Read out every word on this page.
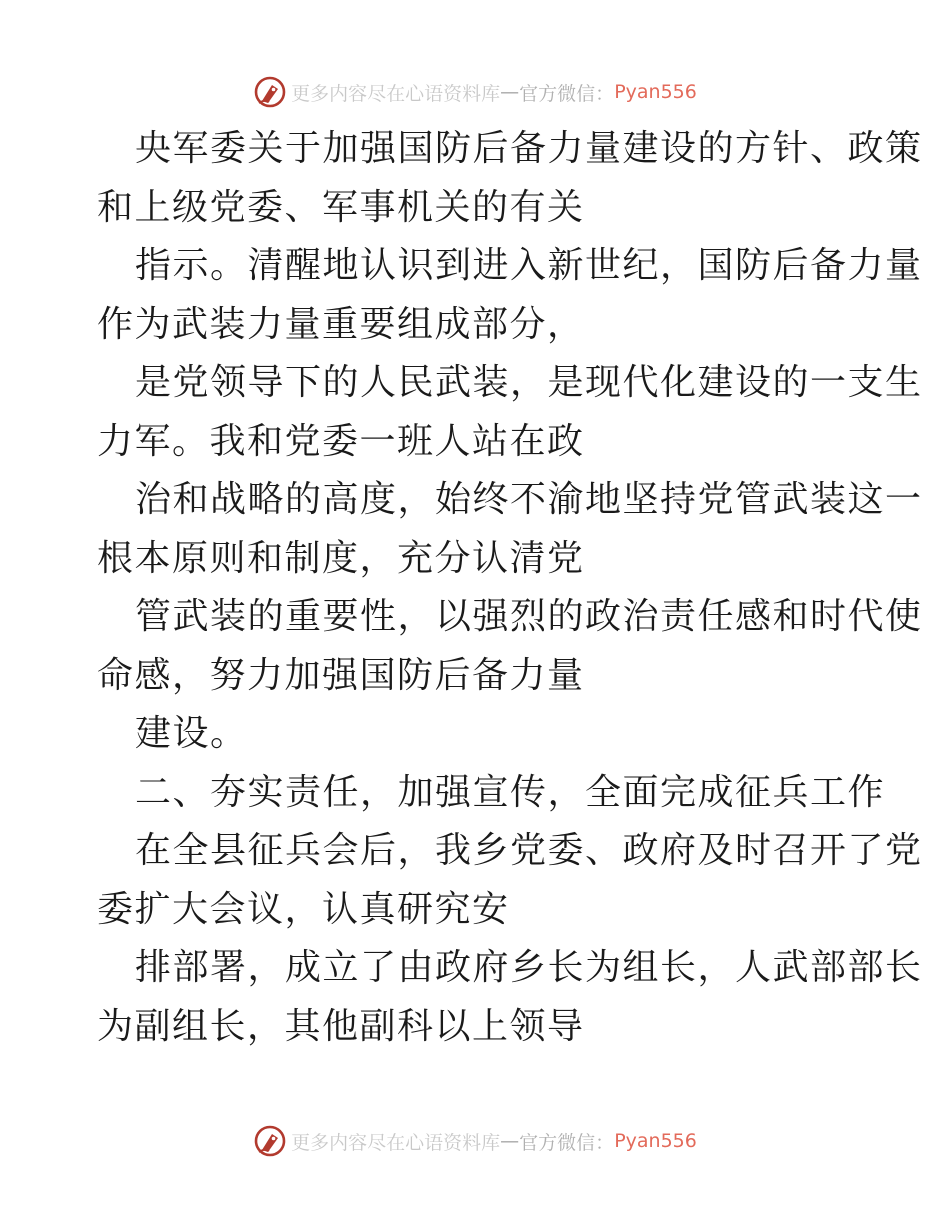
更多内容尽在心语资料库 — 官方微信： Pyan556

央军委关于加强国防后备力量建设的方针、政策
和上级党委、军事机关的有关

指示。清醒地认识到进入新世纪，国防后备力量
作为武装力量重要组成部分，

是党领导下的人民武装，是现代化建设的一支生
力军。我和党委一班人站在政

治和战略的高度，始终不渝地坚持党管武装这一
根本原则和制度，充分认清党

管武装的重要性，以强烈的政治责任感和时代使
命感，努力加强国防后备力量

建设。

二、夯实责任，加强宣传，全面完成征兵工作

在全县征兵会后，我乡党委、政府及时召开了党
委扩大会议，认真研究安

排部署，成立了由政府乡长为组长，人武部部长
为副组长，其他副科以上领导

更多内容尽在心语资料库 — 官方微信： Pyan556
